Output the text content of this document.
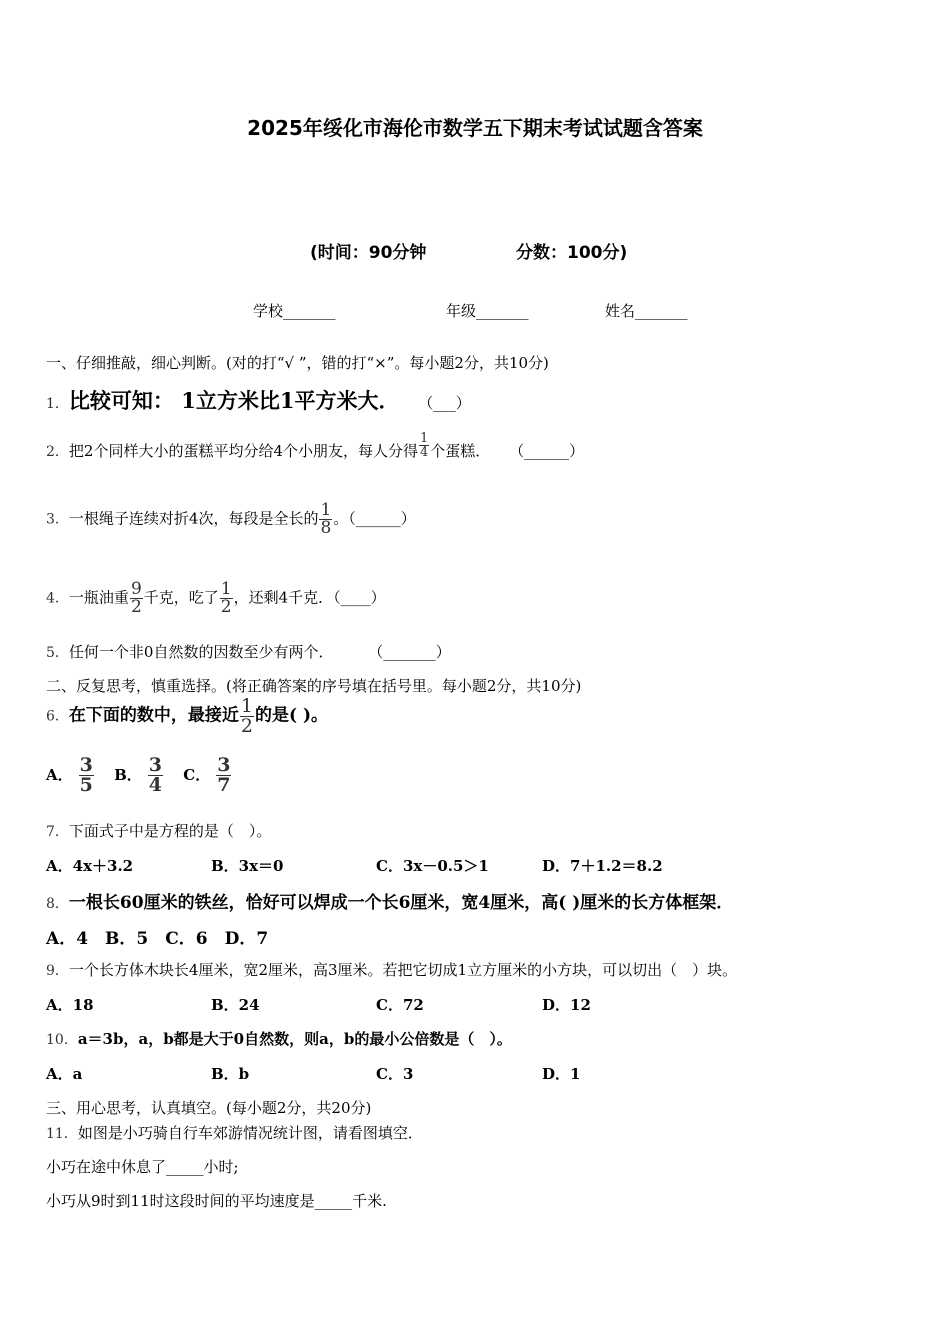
2025年绥化市海伦市数学五下期末考试试题含答案
(时间：90分钟	分数：100分)
学校_______	年级_______	姓名_______
一、仔细推敲，细心判断。(对的打“√ ”，错的打“×”。每小题2分，共10分)
1．比较可知： 1立方米比1平方米大． （___）
2．把2个同样大小的蛋糕平均分给4个小朋友，每人分得 $\frac{1}{4}$ 个蛋糕． （______）
3．一根绳子连续对折4次，每段是全长的 $\frac{1}{8}$ 。（______）
4．一瓶油重 $\frac{9}{2}$ 千克，吃了 $\frac{1}{2}$ ，还剩4千克．（____）
5．任何一个非0自然数的因数至少有两个． （_______）
二、反复思考，慎重选择。(将正确答案的序号填在括号里。每小题2分，共10分)
6．在下面的数中，最接近 $\frac{1}{2}$ 的是( )。
A． $\frac{3}{5}$ B． $\frac{3}{4}$ C． $\frac{3}{7}$
7．下面式子中是方程的是（　）。
A．4x＋3.2	B．3x＝0	C．3x－0.5＞1	D．7＋1.2＝8.2
8．一根长60厘米的铁丝，恰好可以焊成一个长6厘米，宽4厘米，高( )厘米的长方体框架．
A．4　B．5　C．6　D．7
9．一个长方体木块长4厘米，宽2厘米，高3厘米。若把它切成1立方厘米的小方块，可以切出（　）块。
A．18	B．24	C．72	D．12
10．a＝3b，a，b都是大于0自然数，则a，b的最小公倍数是（　）。
A．a	B．b	C．3	D．1
三、用心思考，认真填空。(每小题2分，共20分)
11．如图是小巧骑自行车郊游情况统计图，请看图填空．
小巧在途中休息了_____小时;
小巧从9时到11时这段时间的平均速度是_____千米.
